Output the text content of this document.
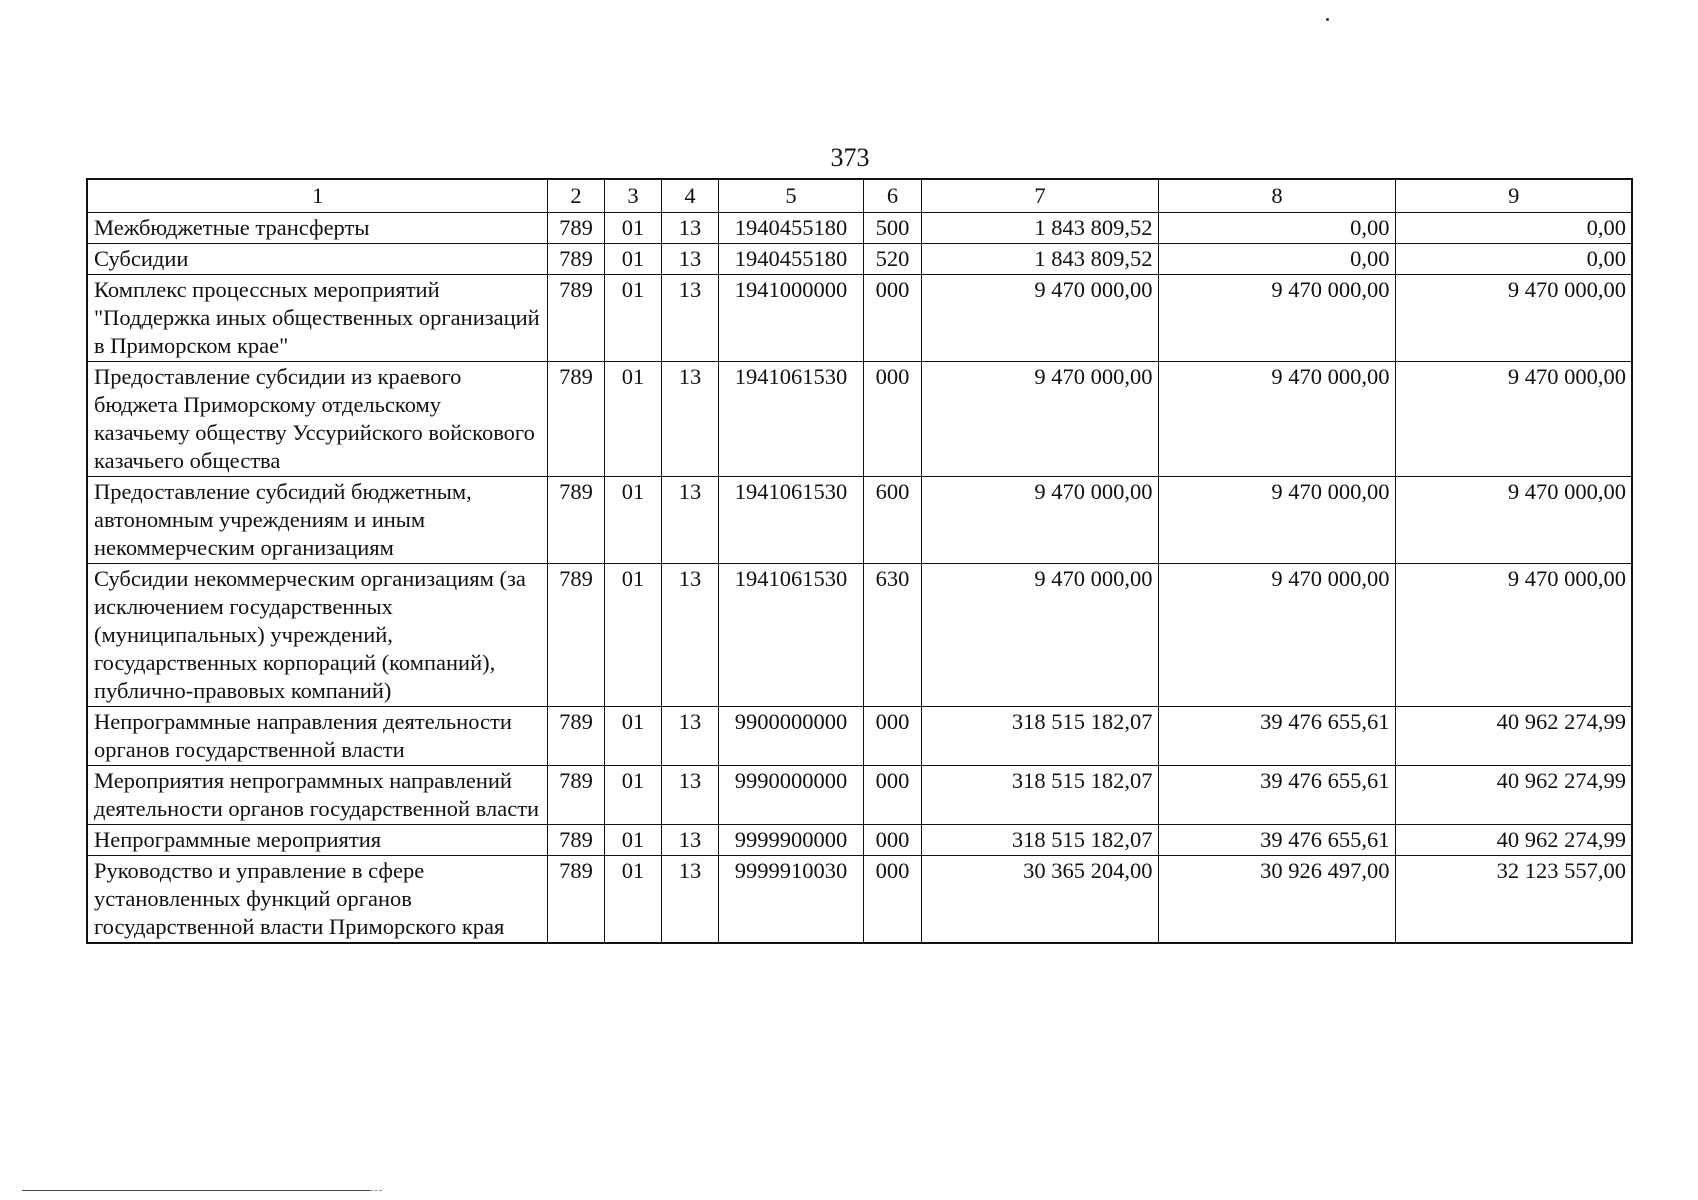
373
1	2	3	4	5	6	7	8	9
Межбюджетные трансферты	789	01	13	1940455180	500	1 843 809,52	0,00	0,00
Субсидии	789	01	13	1940455180	520	1 843 809,52	0,00	0,00
Комплекс процессных мероприятий "Поддержка иных общественных организаций в Приморском крае"	789	01	13	1941000000	000	9 470 000,00	9 470 000,00	9 470 000,00
Предоставление субсидии из краевого бюджета Приморскому отдельскому казачьему обществу Уссурийского войскового казачьего общества	789	01	13	1941061530	000	9 470 000,00	9 470 000,00	9 470 000,00
Предоставление субсидий бюджетным, автономным учреждениям и иным некоммерческим организациям	789	01	13	1941061530	600	9 470 000,00	9 470 000,00	9 470 000,00
Субсидии некоммерческим организациям (за исключением государственных (муниципальных) учреждений, государственных корпораций (компаний), публично-правовых компаний)	789	01	13	1941061530	630	9 470 000,00	9 470 000,00	9 470 000,00
Непрограммные направления деятельности органов государственной власти	789	01	13	9900000000	000	318 515 182,07	39 476 655,61	40 962 274,99
Мероприятия непрограммных направлений деятельности органов государственной власти	789	01	13	9990000000	000	318 515 182,07	39 476 655,61	40 962 274,99
Непрограммные мероприятия	789	01	13	9999900000	000	318 515 182,07	39 476 655,61	40 962 274,99
Руководство и управление в сфере установленных функций органов государственной власти Приморского края	789	01	13	9999910030	000	30 365 204,00	30 926 497,00	32 123 557,00
